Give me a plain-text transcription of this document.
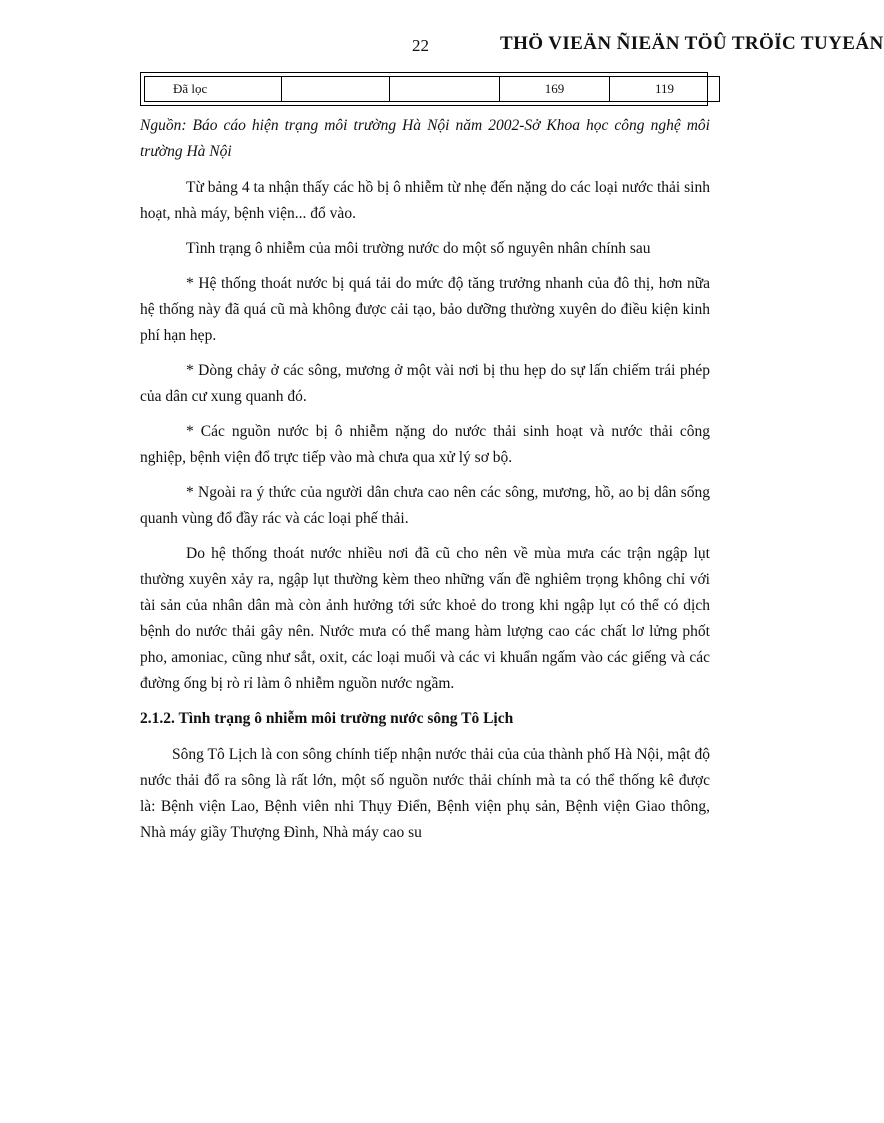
22	THÖ VIEÄN ÑIEÄN TÖÛ TRÖÏC TUYEÁN
Đã lọc			169	119

Nguồn: Báo cáo hiện trạng môi trường Hà Nội năm 2002-Sở Khoa học công nghệ môi trường Hà Nội

Từ bảng 4 ta nhận thấy các hồ bị ô nhiễm từ nhẹ đến nặng do các loại nước thải sinh hoạt, nhà máy, bệnh viện... đổ vào.

Tình trạng ô nhiễm của môi trường nước do một số nguyên nhân chính sau

* Hệ thống thoát nước bị quá tải do mức độ tăng trưởng nhanh của đô thị, hơn nữa hệ thống này đã quá cũ mà không được cải tạo, bảo dưỡng thường xuyên do điều kiện kinh phí hạn hẹp.

* Dòng chảy ở các sông, mương ở một vài nơi bị thu hẹp do sự lấn chiếm trái phép của dân cư xung quanh đó.

* Các nguồn nước bị ô nhiễm nặng do nước thải sinh hoạt và nước thải công nghiệp, bệnh viện đổ trực tiếp vào mà chưa qua xử lý sơ bộ.

* Ngoài ra ý thức của người dân chưa cao nên các sông, mương, hồ, ao bị dân sống quanh vùng đổ đầy rác và các loại phế thải.

Do hệ thống thoát nước nhiều nơi đã cũ cho nên về mùa mưa các trận ngập lụt thường xuyên xảy ra, ngập lụt thường kèm theo những vấn đề nghiêm trọng không chỉ với tài sản của nhân dân mà còn ảnh hưởng tới sức khoẻ do trong khi ngập lụt có thể có dịch bệnh do nước thải gây nên. Nước mưa có thể mang hàm lượng cao các chất lơ lửng phốt pho, amoniac, cũng như sắt, oxit, các loại muối và các vi khuẩn ngấm vào các giếng và các đường ống bị rò rỉ làm ô nhiễm nguồn nước ngầm.

2.1.2. Tình trạng ô nhiễm môi trường nước sông Tô Lịch

Sông Tô Lịch là con sông chính tiếp nhận nước thải của của thành phố Hà Nội, mật độ nước thải đổ ra sông là rất lớn, một số nguồn nước thải chính mà ta có thể thống kê được là: Bệnh viện Lao, Bệnh viên nhi Thụy Điển, Bệnh viện phụ sản, Bệnh viện Giao thông, Nhà máy giầy Thượng Đình, Nhà máy cao su
